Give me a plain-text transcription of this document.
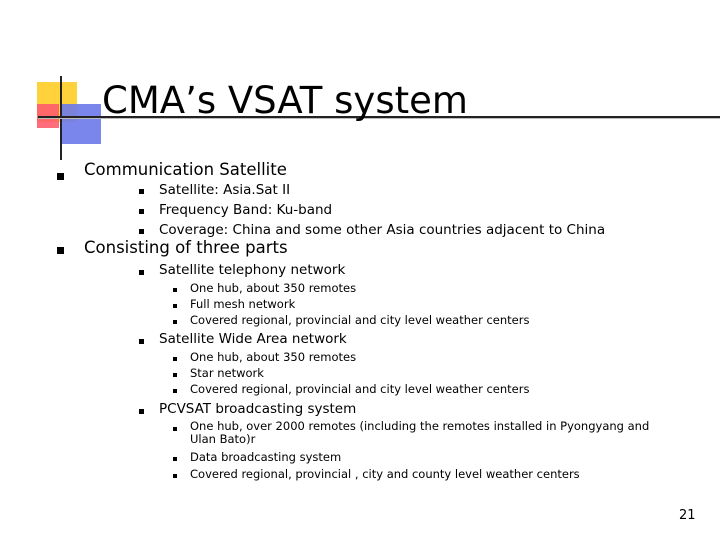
CMA’s VSAT system
Communication Satellite
Satellite: Asia.Sat II
Frequency Band: Ku-band
Coverage: China and some other Asia countries adjacent to China
Consisting of three parts
Satellite telephony network
One hub, about 350 remotes
Full mesh network
Covered regional, provincial and city level weather centers
Satellite Wide Area network
One hub, about 350 remotes
Star network
Covered regional, provincial and city level weather centers
PCVSAT broadcasting system
One hub, over 2000 remotes (including the remotes installed in Pyongyang and
Ulan Bato)r
Data broadcasting system
Covered regional, provincial , city and county level weather centers
21
